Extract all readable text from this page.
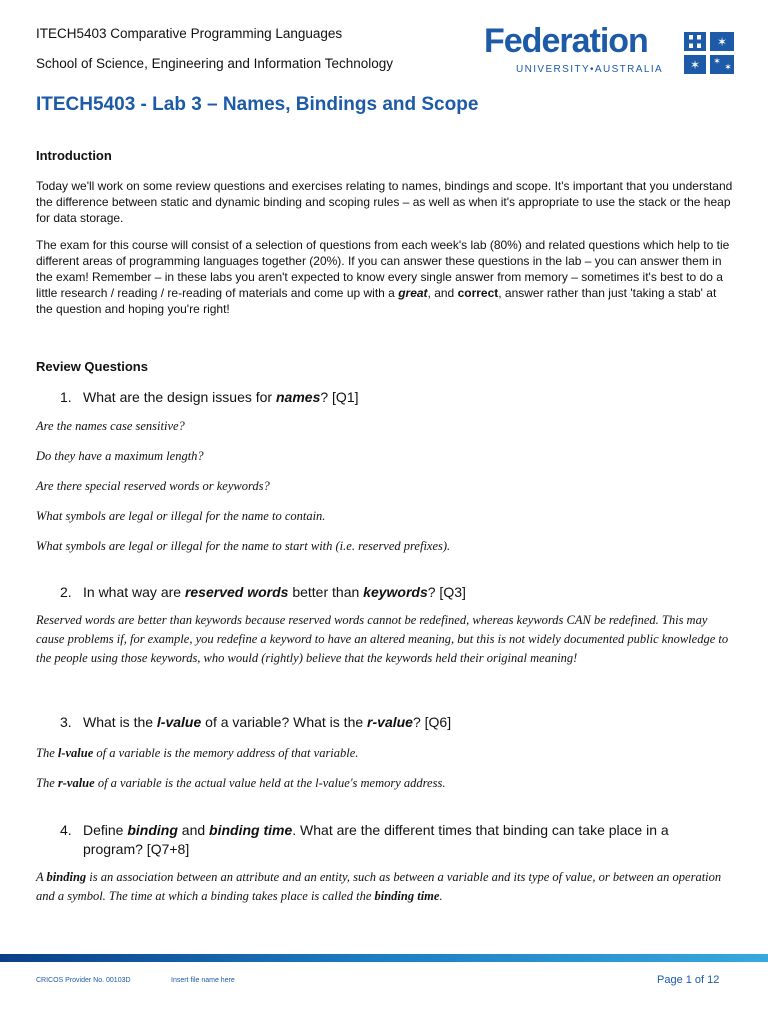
ITECH5403 Comparative Programming Languages
School of Science, Engineering and Information Technology
Federation
UNIVERSITY•AUSTRALIA
✶
✶ ✶
✶
ITECH5403 - Lab 3 – Names, Bindings and Scope
Introduction

Today we'll work on some review questions and exercises relating to names, bindings and scope. It's important that you understand the difference between static and dynamic binding and scoping rules – as well as when it's appropriate to use the stack or the heap for data storage.

The exam for this course will consist of a selection of questions from each week's lab (80%) and related questions which help to tie different areas of programming languages together (20%). If you can answer these questions in the lab – you can answer them in the exam! Remember – in these labs you aren't expected to know every single answer from memory – sometimes it's best to do a little research / reading / re-reading of materials and come up with a great, and correct, answer rather than just 'taking a stab' at the question and hoping you're right!

Review Questions
1. What are the design issues for names? [Q1]

Are the names case sensitive?

Do they have a maximum length?

Are there special reserved words or keywords?

What symbols are legal or illegal for the name to contain.

What symbols are legal or illegal for the name to start with (i.e. reserved prefixes).

2. In what way are reserved words better than keywords? [Q3]

Reserved words are better than keywords because reserved words cannot be redefined, whereas keywords CAN be redefined. This may cause problems if, for example, you redefine a keyword to have an altered meaning, but this is not widely documented public knowledge to the people using those keywords, who would (rightly) believe that the keywords held their original meaning!

3. What is the l-value of a variable? What is the r-value? [Q6]

The l-value of a variable is the memory address of that variable.

The r-value of a variable is the actual value held at the l-value's memory address.

4. Define binding and binding time. What are the different times that binding can take place in a program? [Q7+8]

A binding is an association between an attribute and an entity, such as between a variable and its type of value, or between an operation and a symbol. The time at which a binding takes place is called the binding time.

CRICOS Provider No. 00103D	Insert file name here	Page 1 of 12
